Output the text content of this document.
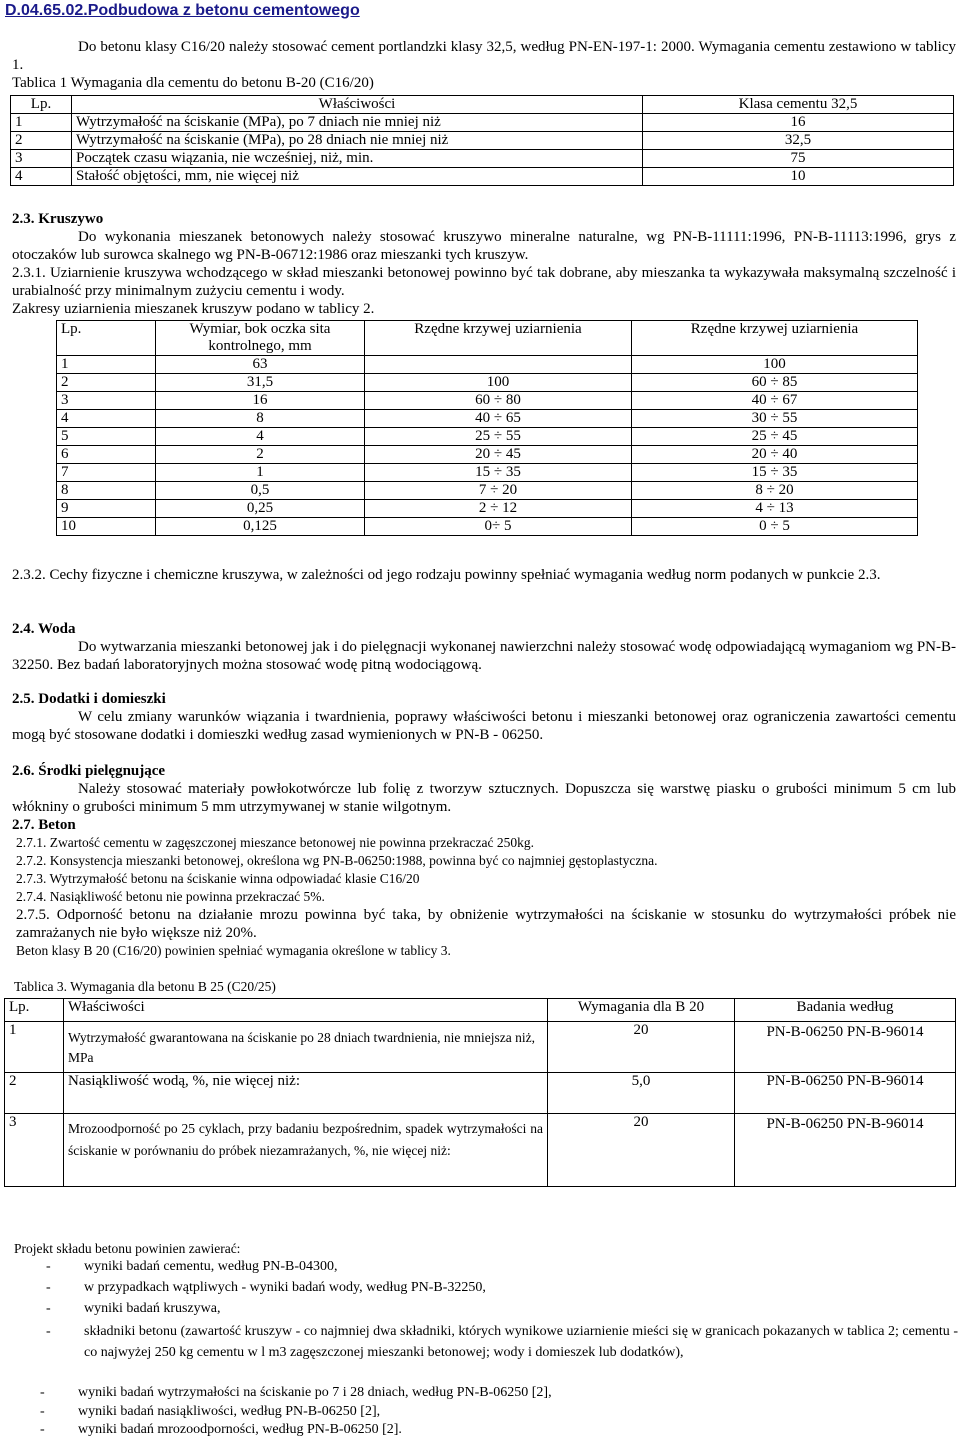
D.04.65.02.Podbudowa z betonu cementowego
Do betonu klasy C16/20 należy stosować cement portlandzki klasy 32,5, według PN-EN-197-1: 2000. Wymagania cementu zestawiono w tablicy 1.
Tablica 1 Wymagania dla cementu do betonu B-20 (C16/20)
Lp.	Właściwości	Klasa cementu 32,5
1	Wytrzymałość na ściskanie (MPa), po 7 dniach nie mniej niż	16
2	Wytrzymałość na ściskanie (MPa), po 28 dniach nie mniej niż	32,5
3	Początek czasu wiązania, nie wcześniej, niż, min.	75
4	Stałość objętości, mm, nie więcej niż	10
2.3. Kruszywo
Do wykonania mieszanek betonowych należy stosować kruszywo mineralne naturalne, wg PN-B-11111:1996, PN-B-11113:1996, grys z otoczaków lub surowca skalnego wg PN-B-06712:1986 oraz mieszanki tych kruszyw.
2.3.1. Uziarnienie kruszywa wchodzącego w skład mieszanki betonowej powinno być tak dobrane, aby mieszanka ta wykazywała maksymalną szczelność i urabialność przy minimalnym zużyciu cementu i wody.
Zakresy uziarnienia mieszanek kruszyw podano w tablicy 2.
Lp.	Wymiar, bok oczka sita kontrolnego, mm	Rzędne krzywej uziarnienia	Rzędne krzywej uziarnienia
1	63		100
2	31,5	100	60 ÷ 85
3	16	60 ÷ 80	40 ÷ 67
4	8	40 ÷ 65	30 ÷ 55
5	4	25 ÷ 55	25 ÷ 45
6	2	20 ÷ 45	20 ÷ 40
7	1	15 ÷ 35	15 ÷ 35
8	0,5	7 ÷ 20	8 ÷ 20
9	0,25	2 ÷ 12	4 ÷ 13
10	0,125	0÷ 5	0 ÷ 5
2.3.2. Cechy fizyczne i chemiczne kruszywa, w zależności od jego rodzaju powinny spełniać wymagania według norm podanych w punkcie 2.3.
2.4. Woda
Do wytwarzania mieszanki betonowej jak i do pielęgnacji wykonanej nawierzchni należy stosować wodę odpowiadającą wymaganiom wg PN-B-32250. Bez badań laboratoryjnych można stosować wodę pitną wodociągową.
2.5. Dodatki i domieszki
W celu zmiany warunków wiązania i twardnienia, poprawy właściwości betonu i mieszanki betonowej oraz ograniczenia zawartości cementu mogą być stosowane dodatki i domieszki według zasad wymienionych w PN-B - 06250.
2.6. Środki pielęgnujące
Należy stosować materiały powłokotwórcze lub folię z tworzyw sztucznych. Dopuszcza się warstwę piasku o grubości minimum 5 cm lub włókniny o grubości minimum 5 mm utrzymywanej w stanie wilgotnym.
2.7. Beton
2.7.1. Zwartość cementu w zagęszczonej mieszance betonowej nie powinna przekraczać 250kg.
2.7.2. Konsystencja mieszanki betonowej, określona wg PN-B-06250:1988, powinna być co najmniej gęstoplastyczna.
2.7.3. Wytrzymałość betonu na ściskanie winna odpowiadać klasie C16/20
2.7.4. Nasiąkliwość betonu nie powinna przekraczać 5%.
2.7.5. Odporność betonu na działanie mrozu powinna być taka, by obniżenie wytrzymałości na ściskanie w stosunku do wytrzymałości próbek nie zamrażanych nie było większe niż 20%.
Beton klasy B 20 (C16/20) powinien spełniać wymagania określone w tablicy 3.
Tablica 3. Wymagania dla betonu B 25 (C20/25)
Lp.	Właściwości	Wymagania dla B 20	Badania według
1	Wytrzymałość gwarantowana na ściskanie po 28 dniach twardnienia, nie mniejsza niż, MPa	20	PN-B-06250 PN-B-96014
2	Nasiąkliwość wodą, %, nie więcej niż:	5,0	PN-B-06250 PN-B-96014
3	Mrozoodporność po 25 cyklach, przy badaniu bezpośrednim, spadek wytrzymałości na ściskanie w porównaniu do próbek niezamrażanych, %, nie więcej niż:	20	PN-B-06250 PN-B-96014
Projekt składu betonu powinien zawierać:
- wyniki badań cementu, według PN-B-04300,
- w przypadkach wątpliwych - wyniki badań wody, według PN-B-32250,
- wyniki badań kruszywa,
- składniki betonu (zawartość kruszyw - co najmniej dwa składniki, których wynikowe uziarnienie mieści się w granicach pokazanych w tablica 2; cementu - co najwyżej 250 kg cementu w l m3 zagęszczonej mieszanki betonowej; wody i domieszek lub dodatków),
- wyniki badań wytrzymałości na ściskanie po 7 i 28 dniach, według PN-B-06250 [2],
- wyniki badań nasiąkliwości, według PN-B-06250 [2],
- wyniki badań mrozoodporności, według PN-B-06250 [2].
